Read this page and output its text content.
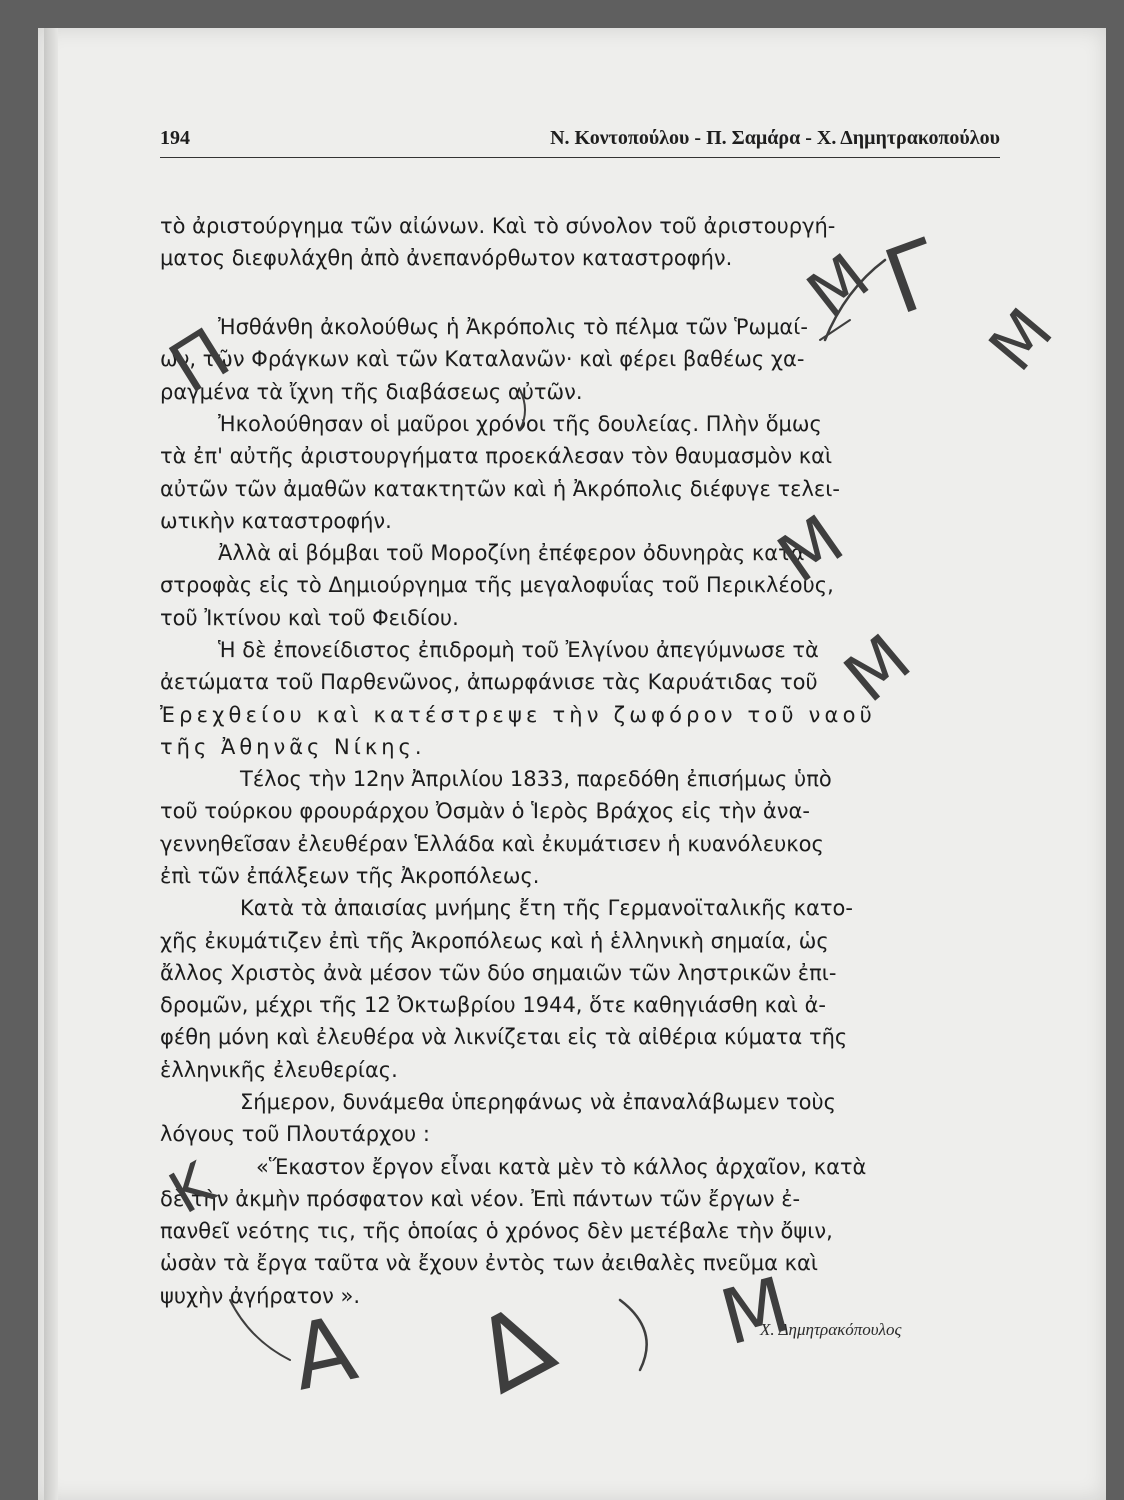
194	Ν. Κοντοπούλου - Π. Σαμάρα - Χ. Δημητρακοπούλου
τὸ ἀριστούργημα τῶν αἰώνων. Καὶ τὸ σύνολον τοῦ ἀριστουργή-
ματος διεφυλάχθη ἀπὸ ἀνεπανόρθωτον καταστροφήν.
Ἠσθάνθη ἀκολούθως ἡ Ἀκρόπολις τὸ πέλμα τῶν Ῥωμαί-
ων, τῶν Φράγκων καὶ τῶν Καταλανῶν· καὶ φέρει βαθέως χα-
ραγμένα τὰ ἴχνη τῆς διαβάσεως αὐτῶν.
Ἠκολούθησαν οἱ μαῦροι χρόνοι τῆς δουλείας. Πλὴν ὅμως
τὰ ἐπ' αὐτῆς ἀριστουργήματα προεκάλεσαν τὸν θαυμασμὸν καὶ
αὐτῶν τῶν ἀμαθῶν κατακτητῶν καὶ ἡ Ἀκρόπολις διέφυγε τελει-
ωτικὴν καταστροφήν.
Ἀλλὰ αἱ βόμβαι τοῦ Μοροζίνη ἐπέφερον ὀδυνηρὰς κατα-
στροφὰς εἰς τὸ Δημιούργημα τῆς μεγαλοφυΐας τοῦ Περικλέους,
τοῦ Ἰκτίνου καὶ τοῦ Φειδίου.
Ἡ δὲ ἐπονείδιστος ἐπιδρομὴ τοῦ Ἐλγίνου ἀπεγύμνωσε τὰ
ἀετώματα τοῦ Παρθενῶνος, ἀπωρφάνισε τὰς Καρυάτιδας τοῦ
Ἐρεχθείου καὶ κατέστρεψε τὴν ζωφόρον τοῦ ναοῦ
τῆς Ἀθηνᾶς Νίκης.
Τέλος τὴν 12ην Ἀπριλίου 1833, παρεδόθη ἐπισήμως ὑπὸ
τοῦ τούρκου φρουράρχου Ὀσμὰν ὁ Ἱερὸς Βράχος εἰς τὴν ἀνα-
γεννηθεῖσαν ἐλευθέραν Ἑλλάδα καὶ ἐκυμάτισεν ἡ κυανόλευκος
ἐπὶ τῶν ἐπάλξεων τῆς Ἀκροπόλεως.
Κατὰ τὰ ἀπαισίας μνήμης ἔτη τῆς Γερμανοϊταλικῆς κατο-
χῆς ἐκυμάτιζεν ἐπὶ τῆς Ἀκροπόλεως καὶ ἡ ἑλληνικὴ σημαία, ὡς
ἄλλος Χριστὸς ἀνὰ μέσον τῶν δύο σημαιῶν τῶν ληστρικῶν ἐπι-
δρομῶν, μέχρι τῆς 12 Ὀκτωβρίου 1944, ὅτε καθηγιάσθη καὶ ἀ-
φέθη μόνη καὶ ἐλευθέρα νὰ λικνίζεται εἰς τὰ αἰθέρια κύματα τῆς
ἑλληνικῆς ἐλευθερίας.
Σήμερον, δυνάμεθα ὑπερηφάνως νὰ ἐπαναλάβωμεν τοὺς
λόγους τοῦ Πλουτάρχου :
«Ἕκαστον ἔργον εἶναι κατὰ μὲν τὸ κάλλος ἀρχαῖον, κατὰ
δὲ τὴν ἀκμὴν πρόσφατον καὶ νέον. Ἐπὶ πάντων τῶν ἔργων ἐ-
πανθεῖ νεότης τις, τῆς ὁποίας ὁ χρόνος δὲν μετέβαλε τὴν ὄψιν,
ὡσὰν τὰ ἔργα ταῦτα νὰ ἔχουν ἐντὸς των ἀειθαλὲς πνεῦμα καὶ
ψυχὴν ἀγήρατον ».
Χ. Δημητρακόπουλος
Π
Μ
Γ
Μ
Μ
Μ
Κ
Δ
Α	Μ
